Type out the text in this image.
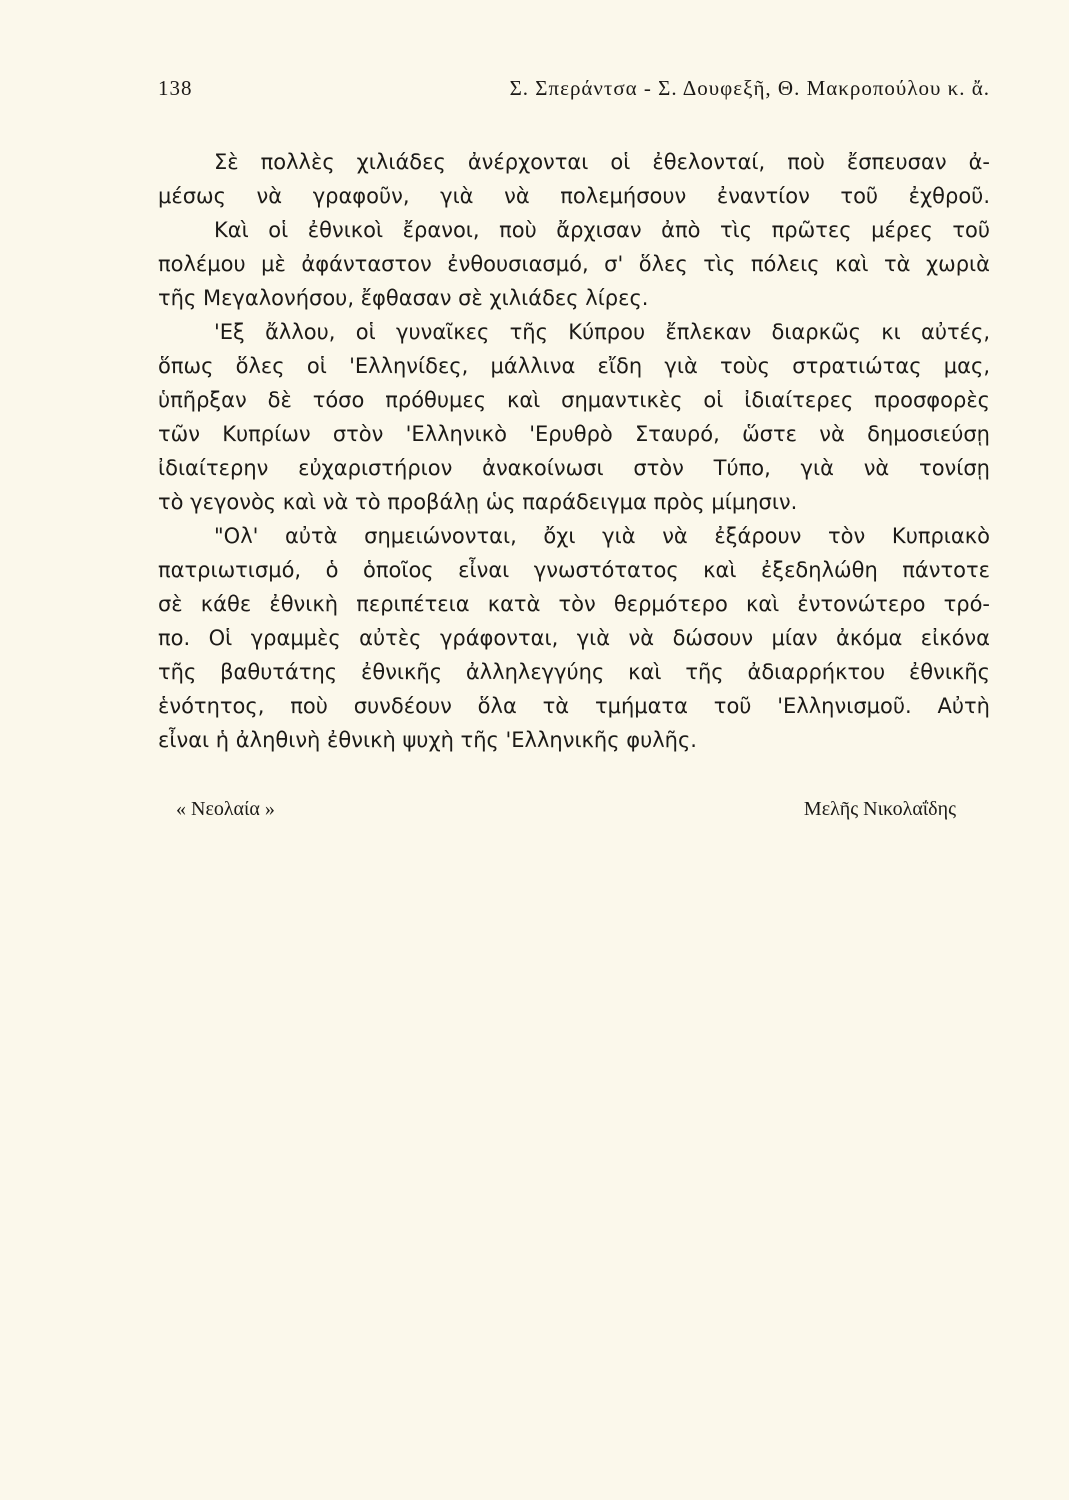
138	Σ. Σπεράντσα - Σ. Δουφεξῆ, Θ. Μακροπούλου κ. ἄ.
Σὲ πολλὲς χιλιάδες ἀνέρχονται οἱ ἐθελονταί, ποὺ ἔσπευσαν ἀ-
μέσως νὰ γραφοῦν, γιὰ νὰ πολεμήσουν ἐναντίον τοῦ ἐχθροῦ.
Καὶ οἱ ἐθνικοὶ ἔρανοι, ποὺ ἄρχισαν ἀπὸ τὶς πρῶτες μέρες τοῦ
πολέμου μὲ ἀφάνταστον ἐνθουσιασμό, σ' ὅλες τὶς πόλεις καὶ τὰ χωριὰ
τῆς Μεγαλονήσου, ἔφθασαν σὲ χιλιάδες λίρες.
'Εξ ἄλλου, οἱ γυναῖκες τῆς Κύπρου ἔπλεκαν διαρκῶς κι αὐτές,
ὅπως ὅλες οἱ 'Ελληνίδες, μάλλινα εἴδη γιὰ τοὺς στρατιώτας μας,
ὑπῆρξαν δὲ τόσο πρόθυμες καὶ σημαντικὲς οἱ ἰδιαίτερες προσφορὲς
τῶν Κυπρίων στὸν 'Ελληνικὸ 'Ερυθρὸ Σταυρό, ὥστε νὰ δημοσιεύσῃ
ἰδιαίτερην εὐχαριστήριον ἀνακοίνωσι στὸν Τύπο, γιὰ νὰ τονίσῃ
τὸ γεγονὸς καὶ νὰ τὸ προβάλῃ ὡς παράδειγμα πρὸς μίμησιν.
"Ολ' αὐτὰ σημειώνονται, ὄχι γιὰ νὰ ἐξάρουν τὸν Κυπριακὸ
πατριωτισμό, ὁ ὁποῖος εἶναι γνωστότατος καὶ ἐξεδηλώθη πάντοτε
σὲ κάθε ἐθνικὴ περιπέτεια κατὰ τὸν θερμότερο καὶ ἐντονώτερο τρό-
πο. Οἱ γραμμὲς αὐτὲς γράφονται, γιὰ νὰ δώσουν μίαν ἀκόμα εἰκόνα
τῆς βαθυτάτης ἐθνικῆς ἀλληλεγγύης καὶ τῆς ἀδιαρρήκτου ἐθνικῆς
ἑνότητος, ποὺ συνδέουν ὅλα τὰ τμήματα τοῦ 'Ελληνισμοῦ. Αὐτὴ
εἶναι ἡ ἀληθινὴ ἐθνικὴ ψυχὴ τῆς 'Ελληνικῆς φυλῆς.
« Νεολαία »	Μελῆς Νικολαΐδης
